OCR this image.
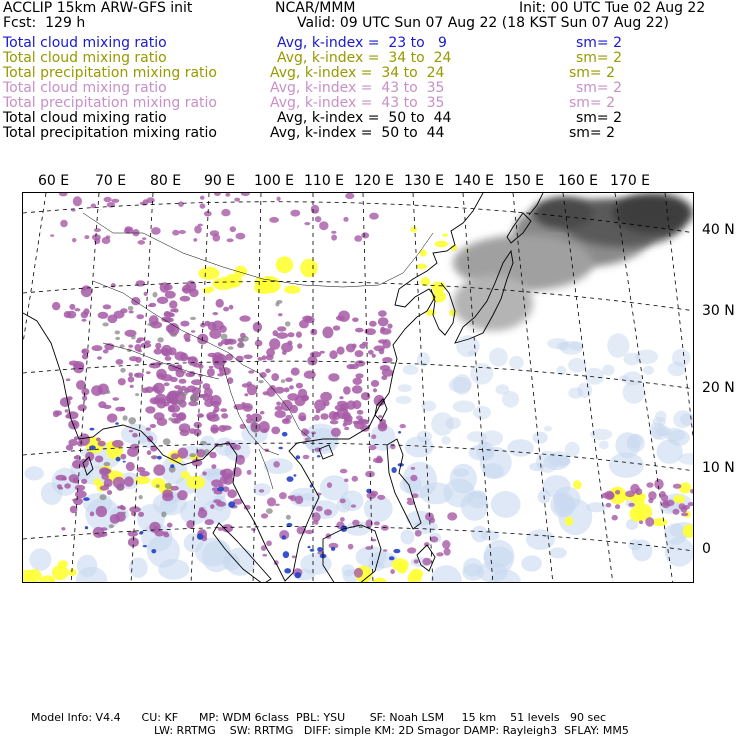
ACCLIP 15km ARW-GFS init	NCAR/MMM	Init: 00 UTC Tue 02 Aug 22
Fcst:  129 h	Valid: 09 UTC Sun 07 Aug 22 (18 KST Sun 07 Aug 22)
Total cloud mixing ratio	Avg, k-index =  23 to   9	sm= 2
Total cloud mixing ratio	Avg, k-index =  34 to  24	sm= 2
Total precipitation mixing ratio	Avg, k-index =  34 to  24	sm= 2
Total cloud mixing ratio	Avg, k-index =  43 to  35	sm= 2
Total precipitation mixing ratio	Avg, k-index =  43 to  35	sm= 2
Total cloud mixing ratio	Avg, k-index =  50 to  44	sm= 2
Total precipitation mixing ratio	Avg, k-index =  50 to  44	sm= 2
60 E 70 E 80 E 90 E 100 E 110 E 120 E 130 E 140 E 150 E 160 E 170 E
40 N
30 N
20 N
10 N
0
Model Info: V4.4      CU: KF      MP: WDM 6class  PBL: YSU       SF: Noah LSM     15 km    51 levels   90 sec
LW: RRTMG    SW: RRTMG   DIFF: simple KM: 2D Smagor DAMP: Rayleigh3  SFLAY: MM5
